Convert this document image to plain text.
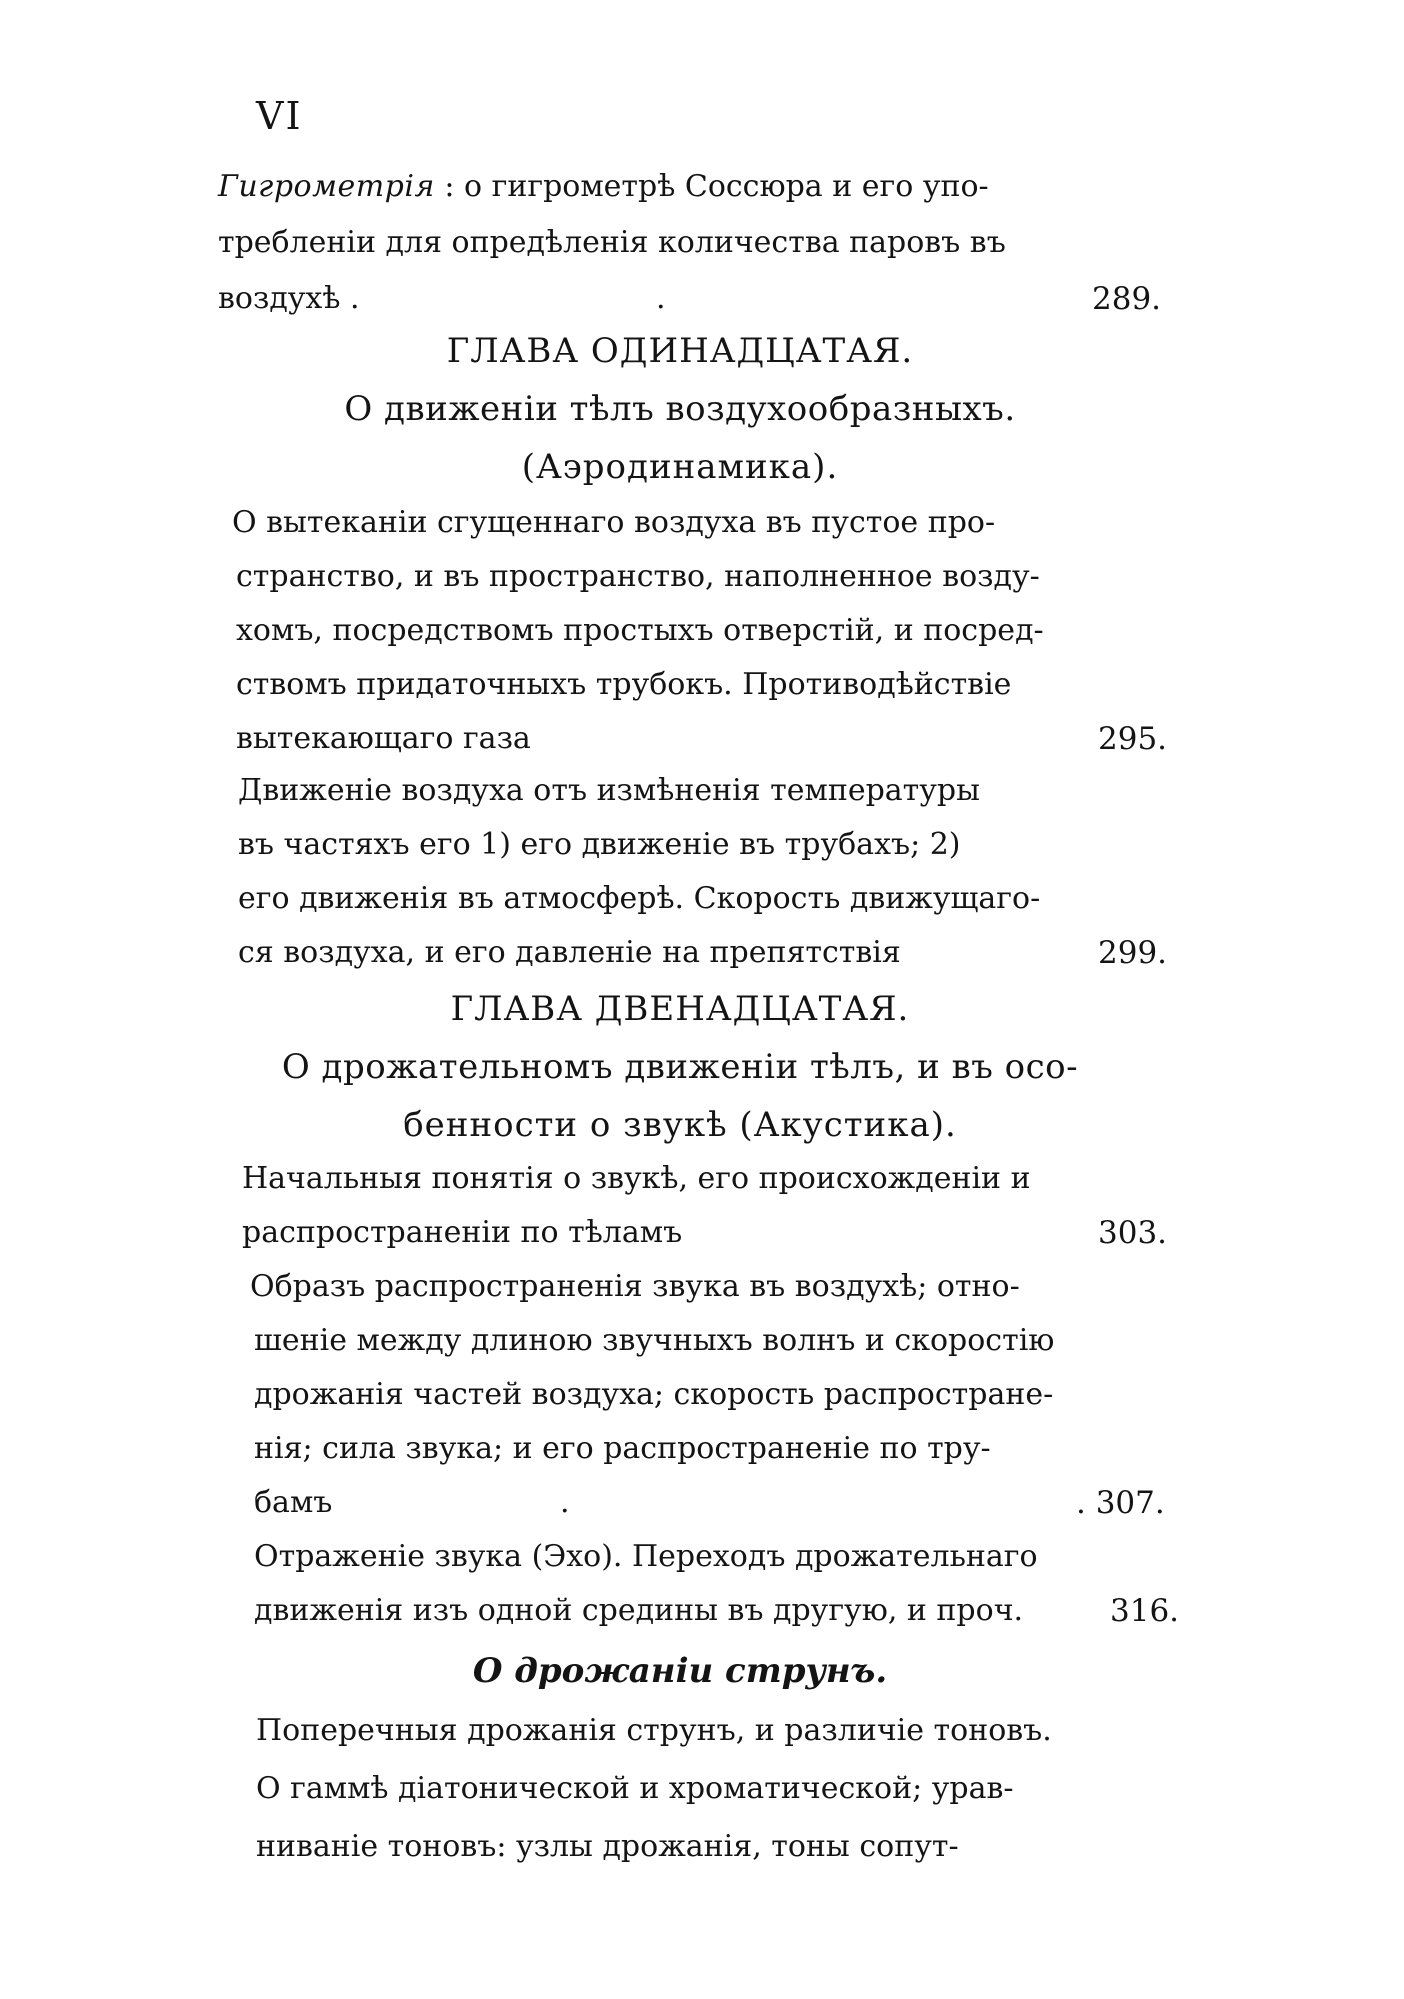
VI
Гигрометрія : о гигрометрѣ Соссюра и его упо-
требленіи для опредѣленія количества паровъ въ
воздухѣ .	.	289.
ГЛАВА ОДИНАДЦАТАЯ.
О движеніи тѣлъ воздухообразныхъ.
(Аэродинамика).
О вытеканіи сгущеннаго воздуха въ пустое про-
странство, и въ пространство, наполненное возду-
хомъ, посредствомъ простыхъ отверстій, и посред-
ствомъ придаточныхъ трубокъ. Противодѣйствіе
вытекающаго газа	295.
Движеніе воздуха отъ измѣненія температуры
въ частяхъ его 1) его движеніе въ трубахъ; 2)
его движенія въ атмосферѣ. Скорость движущаго-
ся воздуха, и его давленіе на препятствія	299.
ГЛАВА ДВЕНАДЦАТАЯ.
О дрожательномъ движеніи тѣлъ, и въ осо-
бенности о звукѣ (Акустика).
Начальныя понятія о звукѣ, его происхожденіи и
распространеніи по тѣламъ	303.
Образъ распространенія звука въ воздухѣ; отно-
шеніе между длиною звучныхъ волнъ и скоростію
дрожанія частей воздуха; скорость распростране-
нія; сила звука; и его распространеніе по тру-
бамъ	.	. 307.
Отраженіе звука (Эхо). Переходъ дрожательнаго
движенія изъ одной средины въ другую, и проч.	316.
О дрожаніи струнъ.
Поперечныя дрожанія струнъ, и различіе тоновъ.
О гаммѣ діатонической и хроматической; урав-
ниваніе тоновъ: узлы дрожанія, тоны сопут-
